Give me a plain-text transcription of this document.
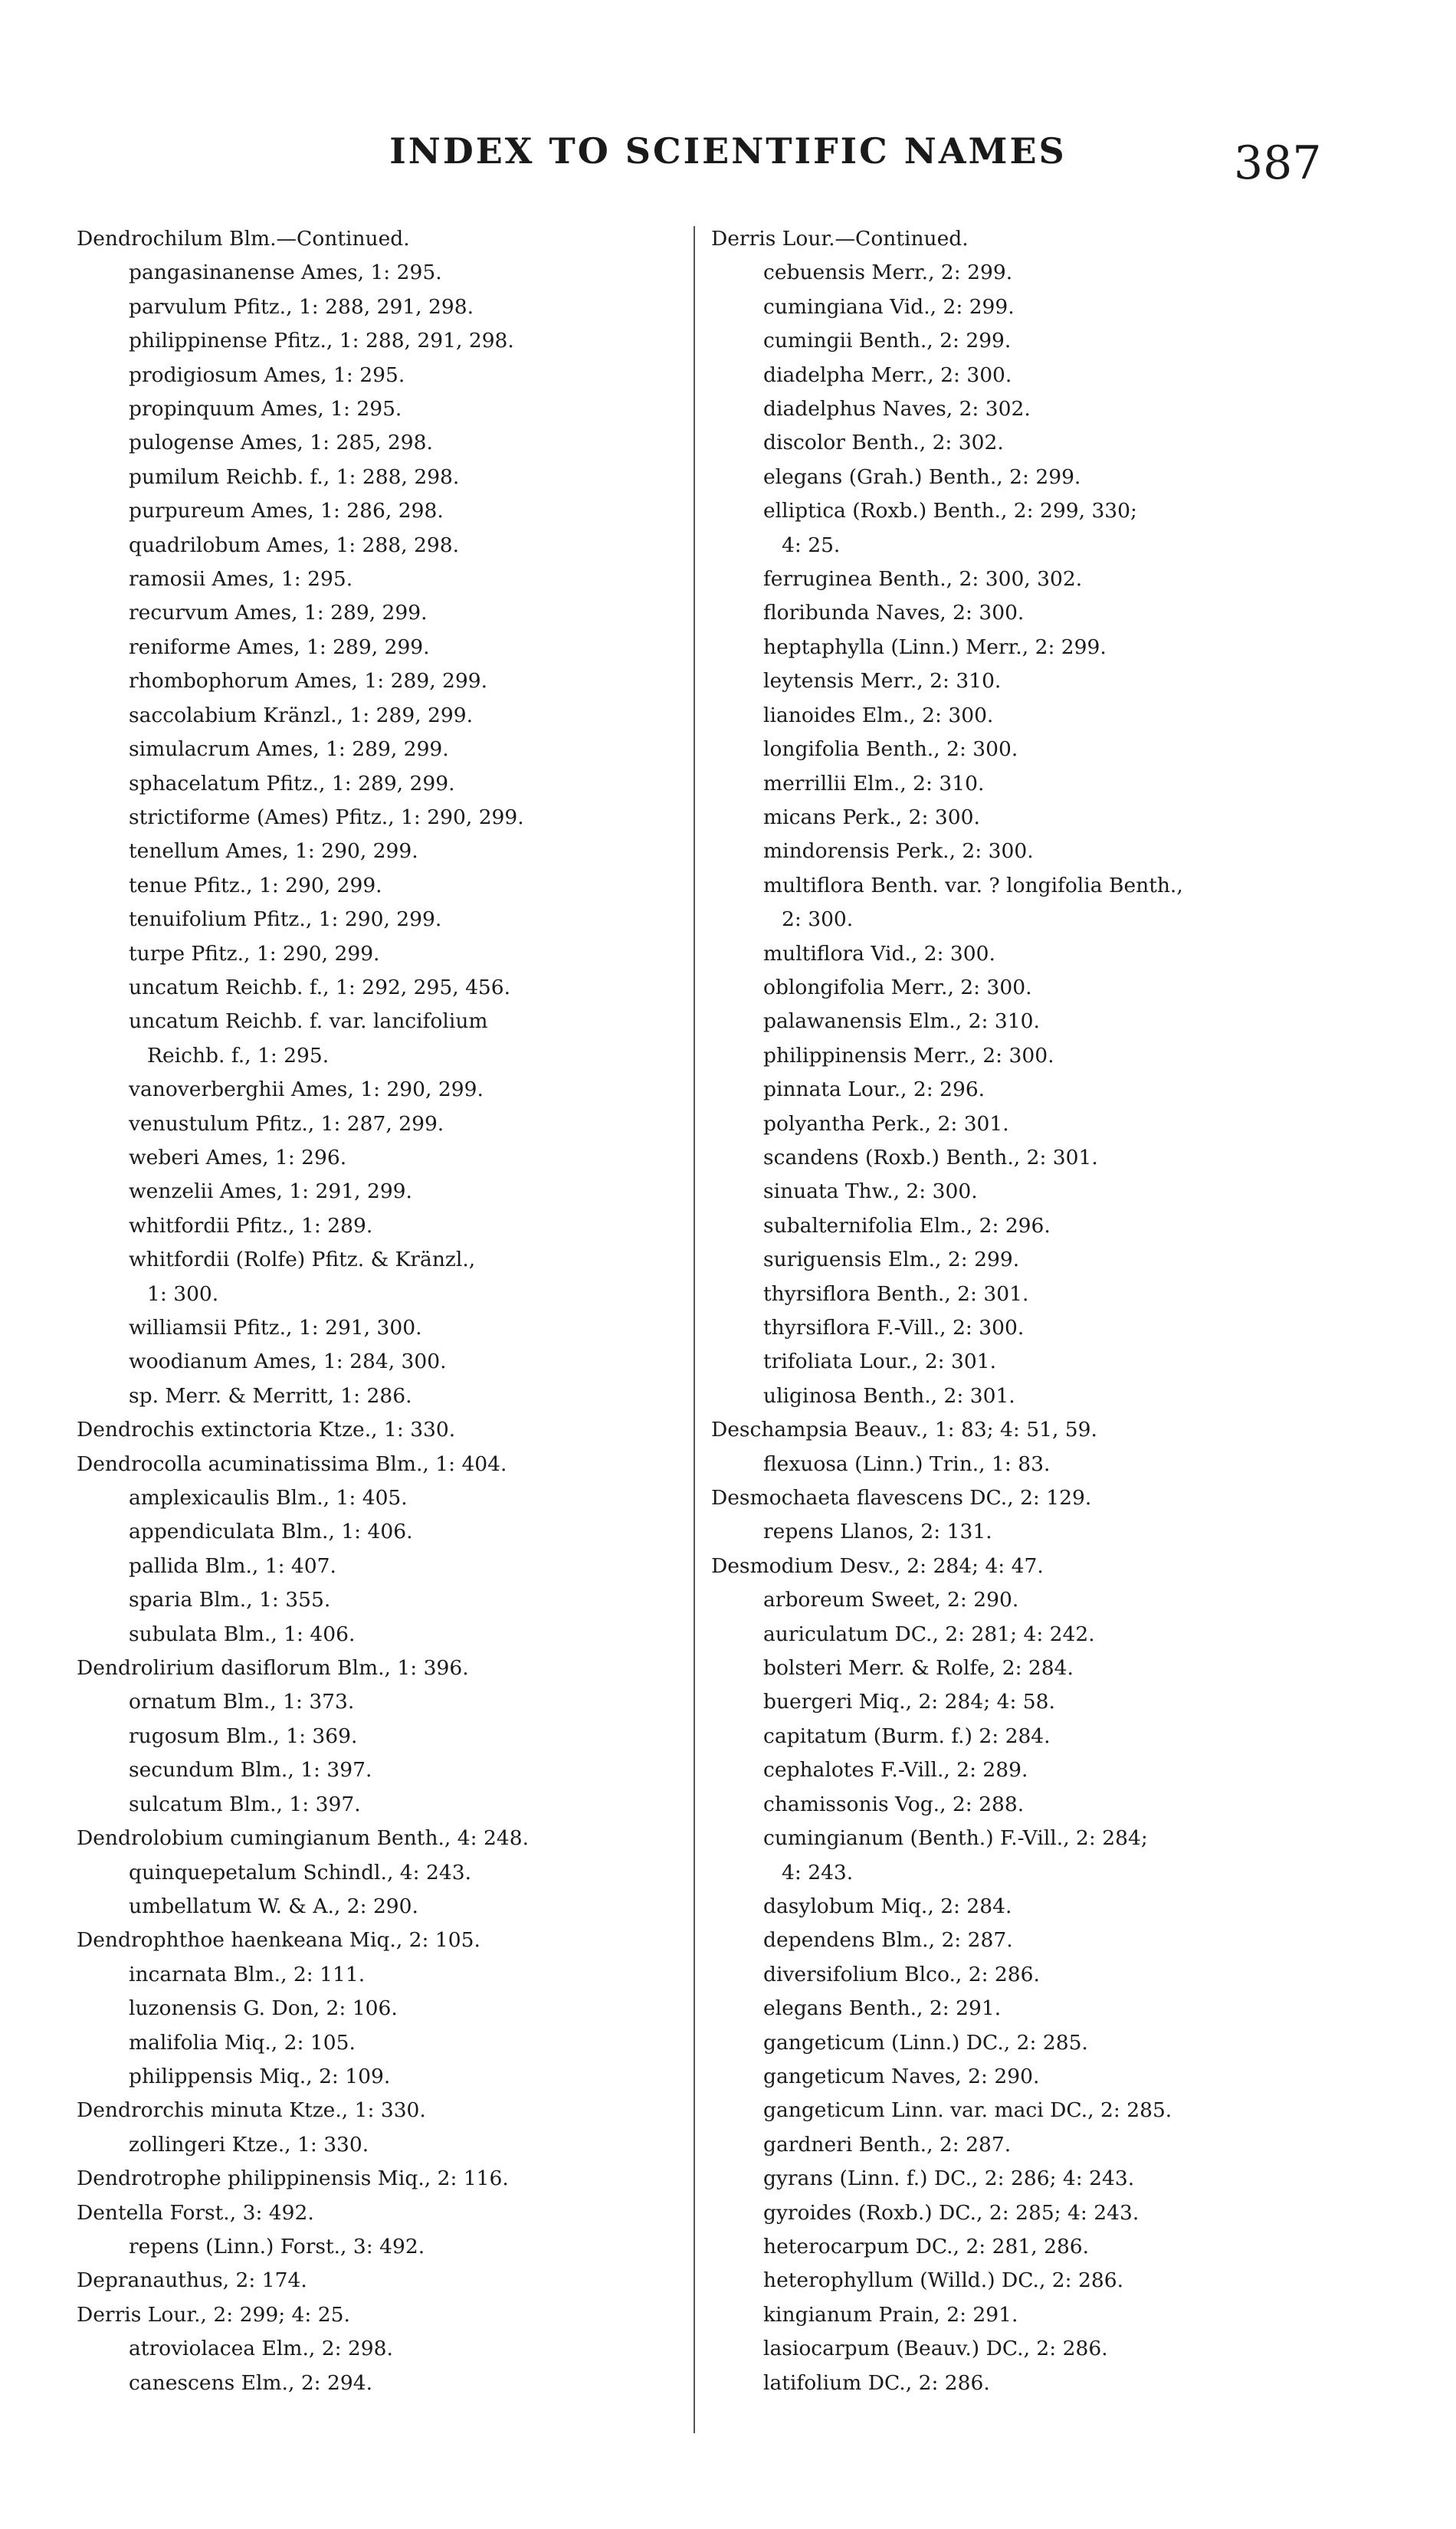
INDEX TO SCIENTIFIC NAMES	387
Dendrochilum Blm.—Continued.
pangasinanense Ames, 1: 295.
parvulum Pfitz., 1: 288, 291, 298.
philippinense Pfitz., 1: 288, 291, 298.
prodigiosum Ames, 1: 295.
propinquum Ames, 1: 295.
pulogense Ames, 1: 285, 298.
pumilum Reichb. f., 1: 288, 298.
purpureum Ames, 1: 286, 298.
quadrilobum Ames, 1: 288, 298.
ramosii Ames, 1: 295.
recurvum Ames, 1: 289, 299.
reniforme Ames, 1: 289, 299.
rhombophorum Ames, 1: 289, 299.
saccolabium Kränzl., 1: 289, 299.
simulacrum Ames, 1: 289, 299.
sphacelatum Pfitz., 1: 289, 299.
strictiforme (Ames) Pfitz., 1: 290, 299.
tenellum Ames, 1: 290, 299.
tenue Pfitz., 1: 290, 299.
tenuifolium Pfitz., 1: 290, 299.
turpe Pfitz., 1: 290, 299.
uncatum Reichb. f., 1: 292, 295, 456.
uncatum Reichb. f. var. lancifolium
Reichb. f., 1: 295.
vanoverberghii Ames, 1: 290, 299.
venustulum Pfitz., 1: 287, 299.
weberi Ames, 1: 296.
wenzelii Ames, 1: 291, 299.
whitfordii Pfitz., 1: 289.
whitfordii (Rolfe) Pfitz. & Kränzl.,
1: 300.
williamsii Pfitz., 1: 291, 300.
woodianum Ames, 1: 284, 300.
sp. Merr. & Merritt, 1: 286.
Dendrochis extinctoria Ktze., 1: 330.
Dendrocolla acuminatissima Blm., 1: 404.
amplexicaulis Blm., 1: 405.
appendiculata Blm., 1: 406.
pallida Blm., 1: 407.
sparia Blm., 1: 355.
subulata Blm., 1: 406.
Dendrolirium dasiflorum Blm., 1: 396.
ornatum Blm., 1: 373.
rugosum Blm., 1: 369.
secundum Blm., 1: 397.
sulcatum Blm., 1: 397.
Dendrolobium cumingianum Benth., 4: 248.
quinquepetalum Schindl., 4: 243.
umbellatum W. & A., 2: 290.
Dendrophthoe haenkeana Miq., 2: 105.
incarnata Blm., 2: 111.
luzonensis G. Don, 2: 106.
malifolia Miq., 2: 105.
philippensis Miq., 2: 109.
Dendrorchis minuta Ktze., 1: 330.
zollingeri Ktze., 1: 330.
Dendrotrophe philippinensis Miq., 2: 116.
Dentella Forst., 3: 492.
repens (Linn.) Forst., 3: 492.
Depranauthus, 2: 174.
Derris Lour., 2: 299; 4: 25.
atroviolacea Elm., 2: 298.
canescens Elm., 2: 294.
Derris Lour.—Continued.
cebuensis Merr., 2: 299.
cumingiana Vid., 2: 299.
cumingii Benth., 2: 299.
diadelpha Merr., 2: 300.
diadelphus Naves, 2: 302.
discolor Benth., 2: 302.
elegans (Grah.) Benth., 2: 299.
elliptica (Roxb.) Benth., 2: 299, 330;
4: 25.
ferruginea Benth., 2: 300, 302.
floribunda Naves, 2: 300.
heptaphylla (Linn.) Merr., 2: 299.
leytensis Merr., 2: 310.
lianoides Elm., 2: 300.
longifolia Benth., 2: 300.
merrillii Elm., 2: 310.
micans Perk., 2: 300.
mindorensis Perk., 2: 300.
multiflora Benth. var. ? longifolia Benth.,
2: 300.
multiflora Vid., 2: 300.
oblongifolia Merr., 2: 300.
palawanensis Elm., 2: 310.
philippinensis Merr., 2: 300.
pinnata Lour., 2: 296.
polyantha Perk., 2: 301.
scandens (Roxb.) Benth., 2: 301.
sinuata Thw., 2: 300.
subalternifolia Elm., 2: 296.
suriguensis Elm., 2: 299.
thyrsiflora Benth., 2: 301.
thyrsiflora F.-Vill., 2: 300.
trifoliata Lour., 2: 301.
uliginosa Benth., 2: 301.
Deschampsia Beauv., 1: 83; 4: 51, 59.
flexuosa (Linn.) Trin., 1: 83.
Desmochaeta flavescens DC., 2: 129.
repens Llanos, 2: 131.
Desmodium Desv., 2: 284; 4: 47.
arboreum Sweet, 2: 290.
auriculatum DC., 2: 281; 4: 242.
bolsteri Merr. & Rolfe, 2: 284.
buergeri Miq., 2: 284; 4: 58.
capitatum (Burm. f.) 2: 284.
cephalotes F.-Vill., 2: 289.
chamissonis Vog., 2: 288.
cumingianum (Benth.) F.-Vill., 2: 284;
4: 243.
dasylobum Miq., 2: 284.
dependens Blm., 2: 287.
diversifolium Blco., 2: 286.
elegans Benth., 2: 291.
gangeticum (Linn.) DC., 2: 285.
gangeticum Naves, 2: 290.
gangeticum Linn. var. maci DC., 2: 285.
gardneri Benth., 2: 287.
gyrans (Linn. f.) DC., 2: 286; 4: 243.
gyroides (Roxb.) DC., 2: 285; 4: 243.
heterocarpum DC., 2: 281, 286.
heterophyllum (Willd.) DC., 2: 286.
kingianum Prain, 2: 291.
lasiocarpum (Beauv.) DC., 2: 286.
latifolium DC., 2: 286.
